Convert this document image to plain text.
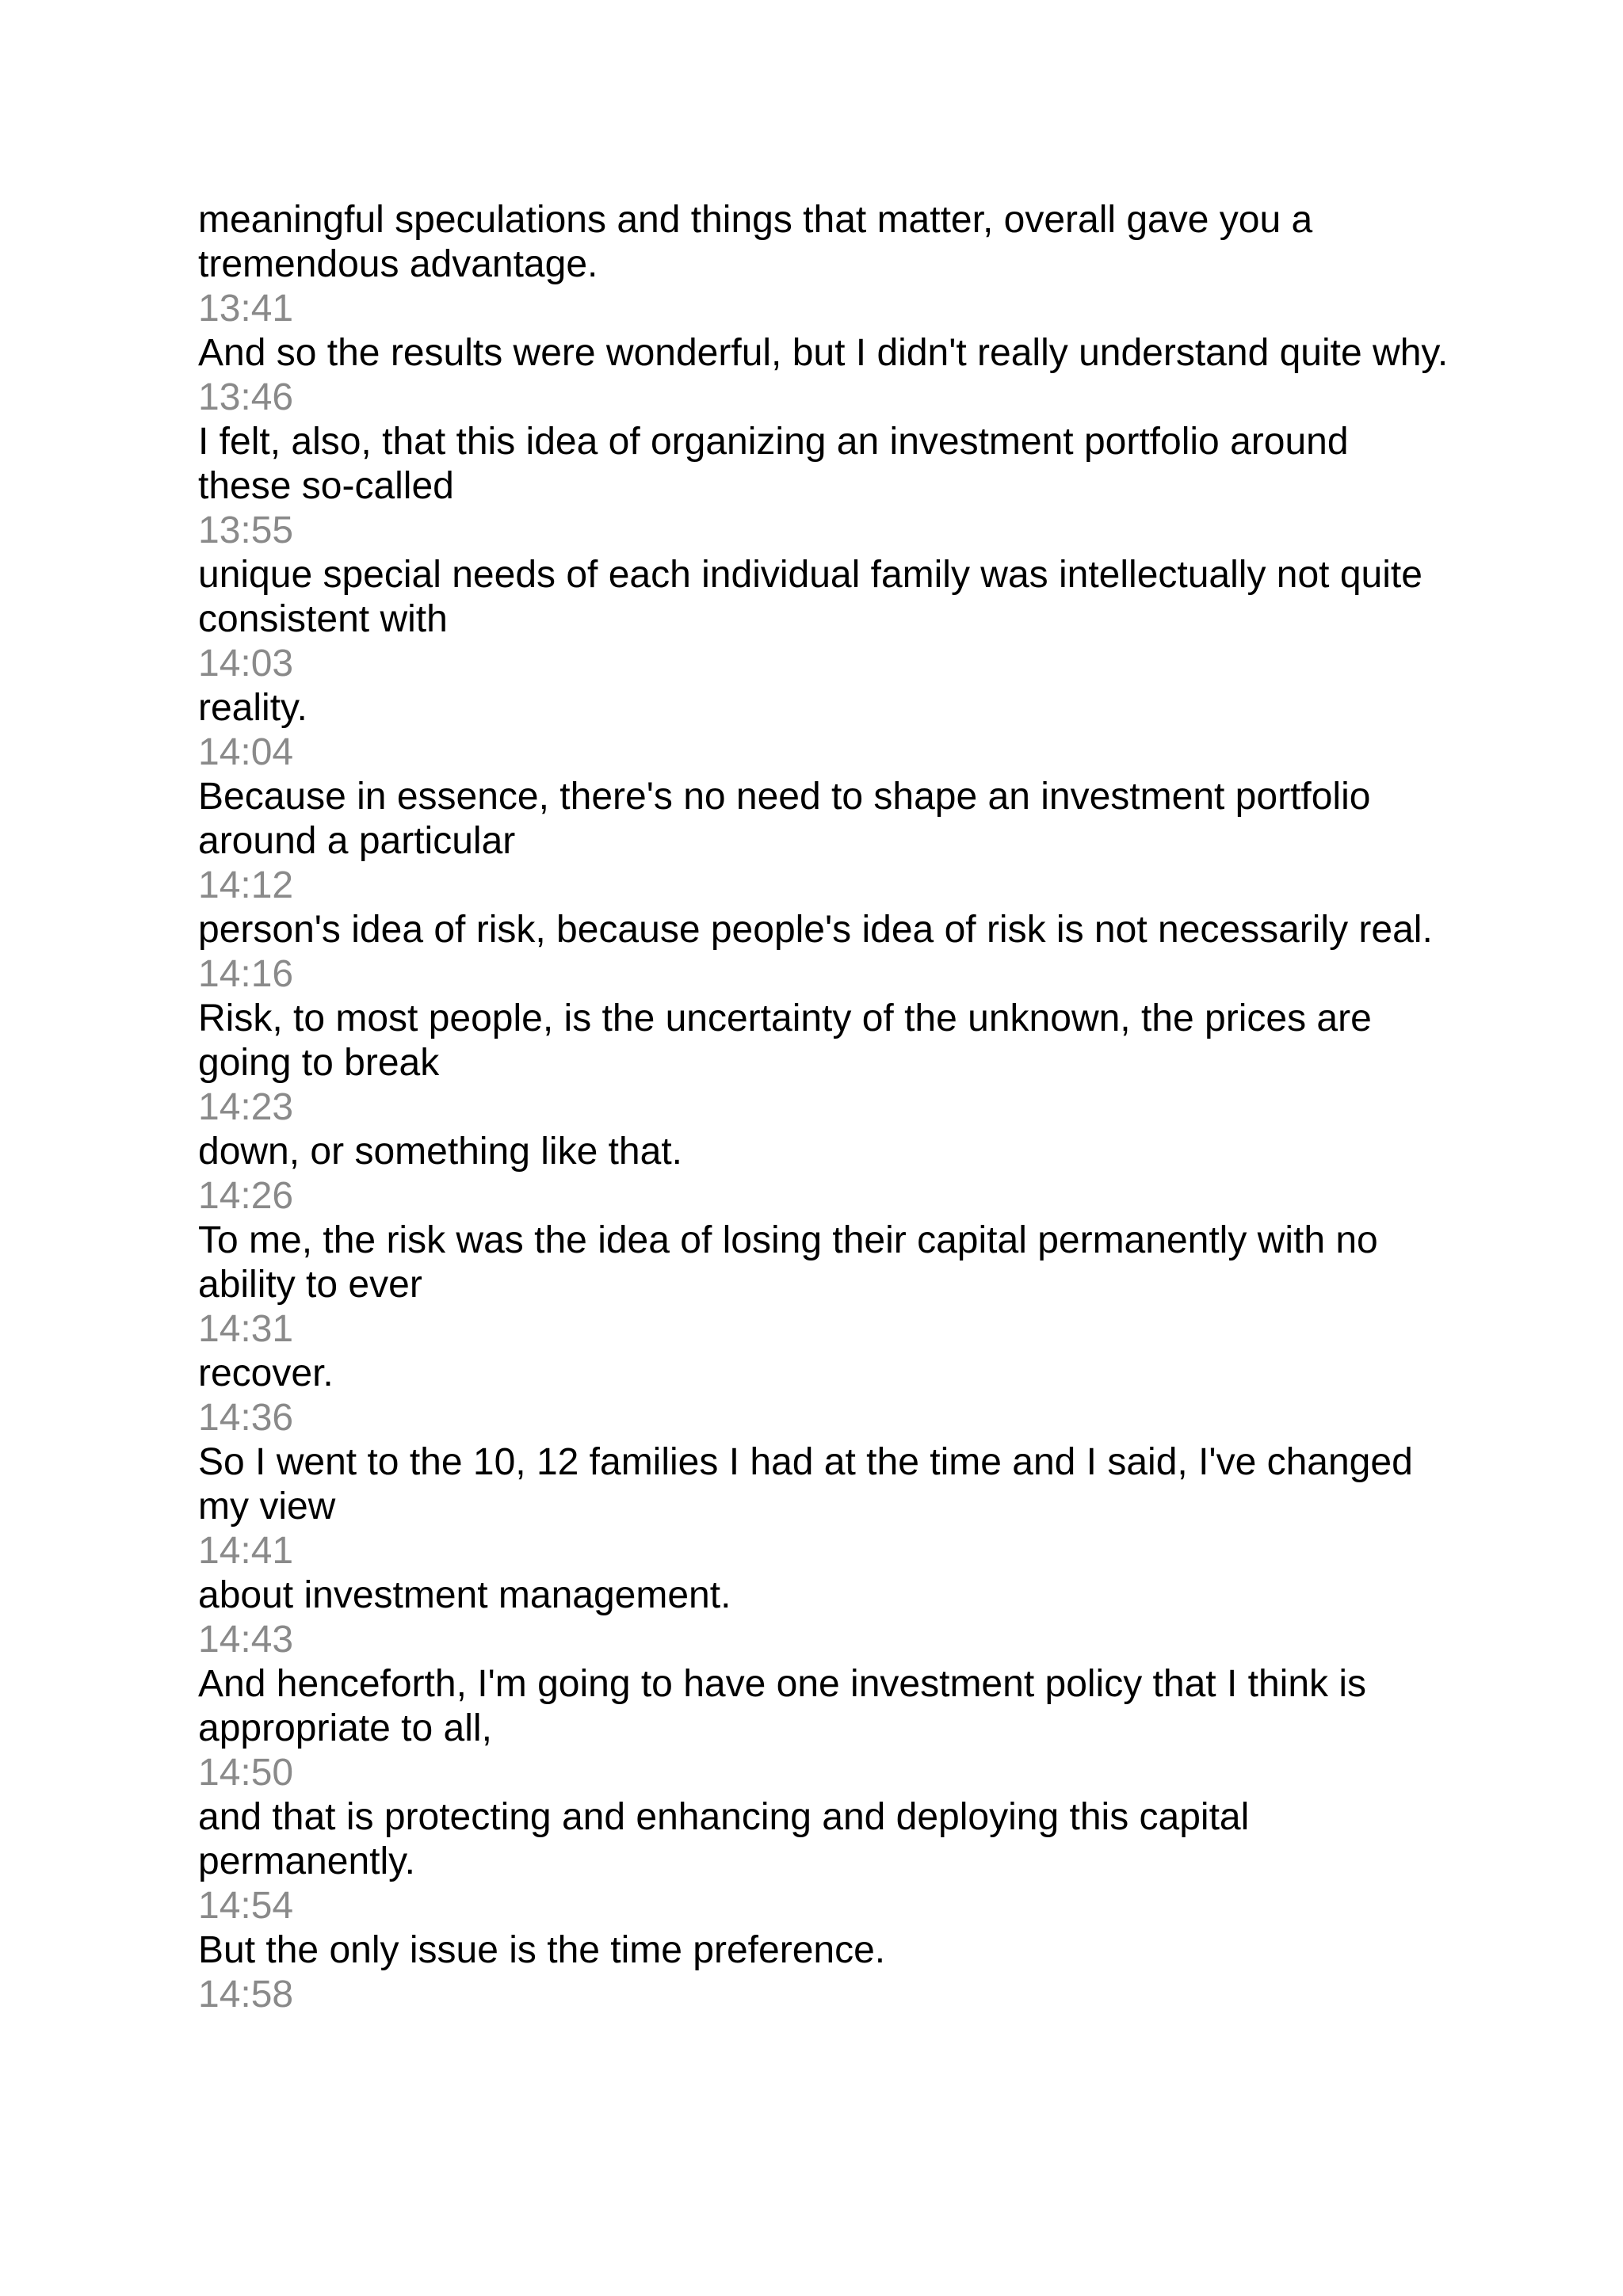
meaningful speculations and things that matter, overall gave you a tremendous advantage.

13:41

And so the results were wonderful, but I didn't really understand quite why.

13:46

I felt, also, that this idea of organizing an investment portfolio around these so-called

13:55

unique special needs of each individual family was intellectually not quite consistent with

14:03

reality.

14:04

Because in essence, there's no need to shape an investment portfolio around a particular

14:12

person's idea of risk, because people's idea of risk is not necessarily real.

14:16

Risk, to most people, is the uncertainty of the unknown, the prices are going to break

14:23

down, or something like that.

14:26

To me, the risk was the idea of losing their capital permanently with no ability to ever

14:31

recover.

14:36

So I went to the 10, 12 families I had at the time and I said, I've changed my view

14:41

about investment management.

14:43

And henceforth, I'm going to have one investment policy that I think is appropriate to all,

14:50

and that is protecting and enhancing and deploying this capital permanently.

14:54

But the only issue is the time preference.

14:58
